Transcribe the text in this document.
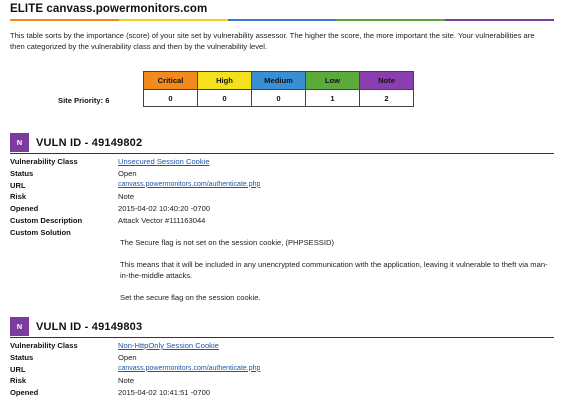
ELITE canvass.powermonitors.com
This table sorts by the importance (score) of your site set by vulnerability assessor. The higher the score, the more important the site. Your vulnerabilities are then categorized by the vulnerability class and then by the vulnerability level.
Site Priority: 6
Critical	High	Medium	Low	Note
0	0	0	1	2
N	VULN ID - 49149802
Vulnerability Class	Unsecured Session Cookie
Status	Open
URL	canvass.powermonitors.com/authenticate.php
Risk	Note
Opened	2015-04-02 10:40:20 -0700
Custom Description	Attack Vector #111163044
Custom Solution
The Secure flag is not set on the session cookie, (PHPSESSID)
This means that it will be included in any unencrypted communication with the application, leaving it vulnerable to theft via man-in-the-middle attacks.
Set the secure flag on the session cookie.
N	VULN ID - 49149803
Vulnerability Class	Non-HttpOnly Session Cookie
Status	Open
URL	canvass.powermonitors.com/authenticate.php
Risk	Note
Opened	2015-04-02 10:41:51 -0700
